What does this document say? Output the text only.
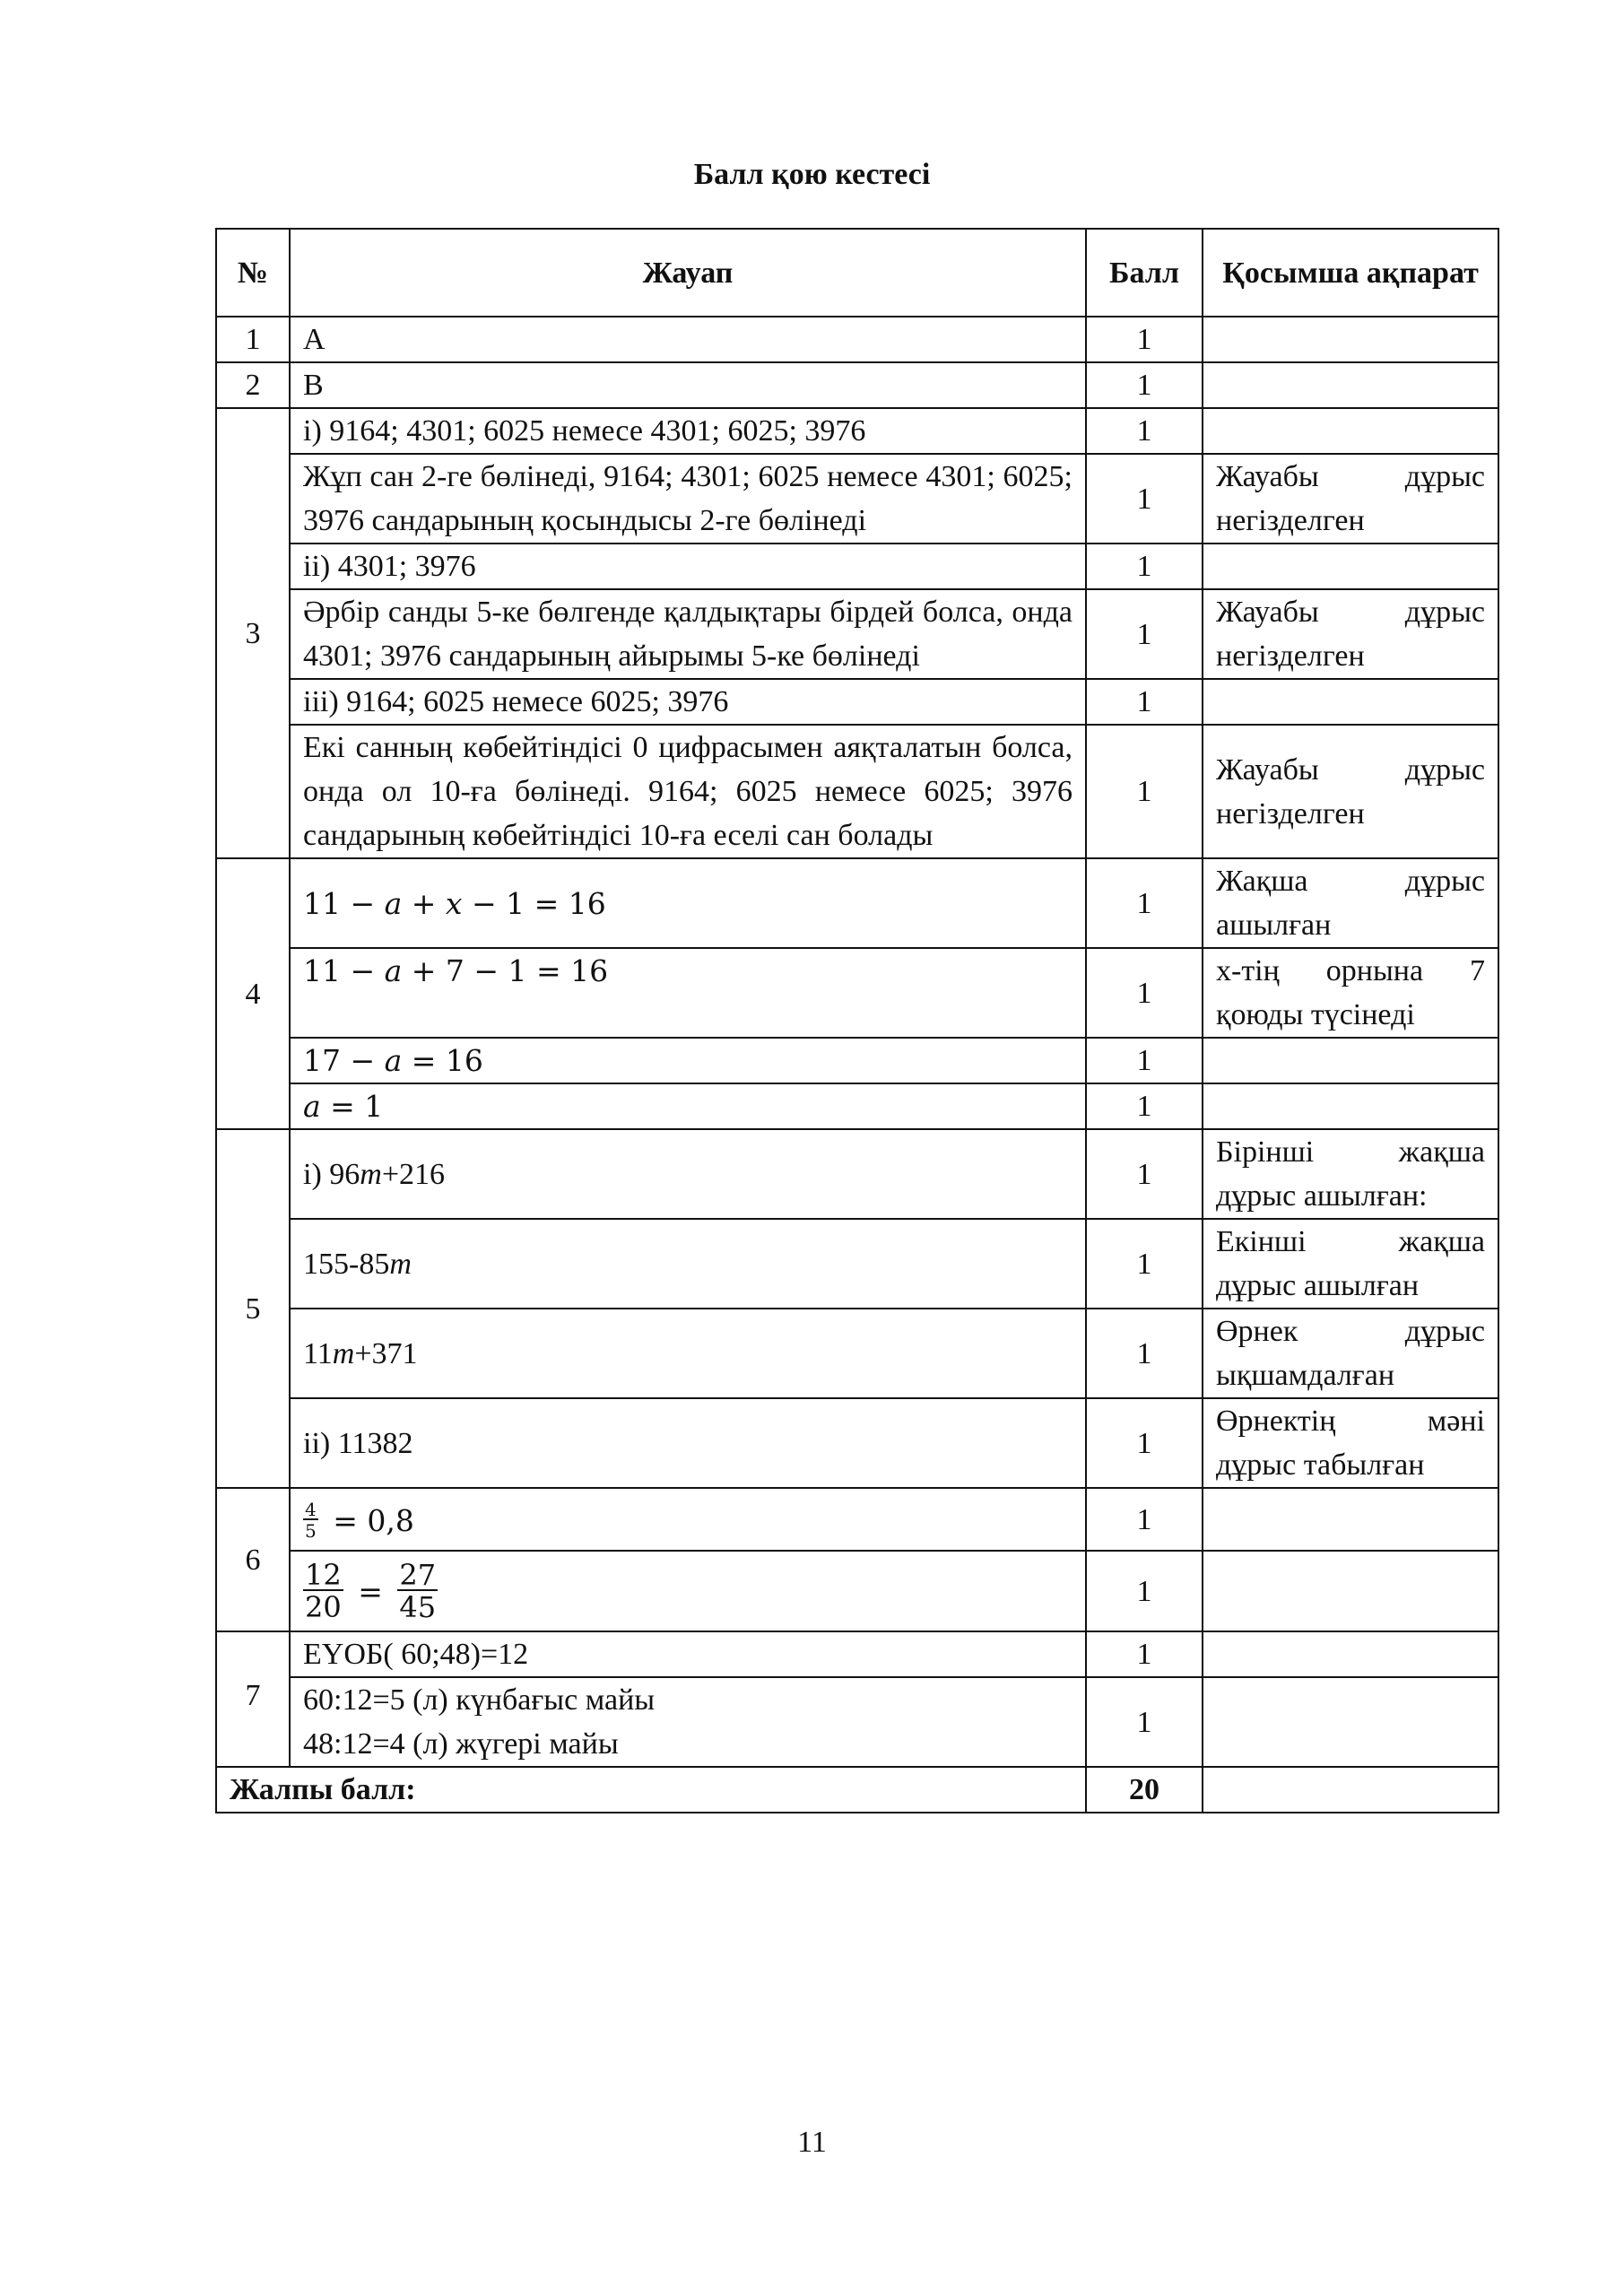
Балл қою кестесі
№	Жауап	Балл	Қосымша ақпарат
1	A	1	
2	B	1	
3	i) 9164; 4301; 6025 немесе 4301; 6025; 3976	1	
	Жұп сан 2-ге бөлінеді, 9164; 4301; 6025 немесе 4301; 6025; 3976 сандарының қосындысы 2-ге бөлінеді	1	Жауабы дұрыс негізделген
	ii) 4301; 3976	1	
	Әрбір санды 5-ке бөлгенде қалдықтары бірдей болса, онда 4301; 3976 сандарының айырымы 5-ке бөлінеді	1	Жауабы дұрыс негізделген
	iii) 9164; 6025 немесе 6025; 3976	1	
	Екі санның көбейтіндісі 0 цифрасымен аяқталатын болса, онда ол 10-ға бөлінеді. 9164; 6025 немесе 6025; 3976 сандарының көбейтіндісі 10-ға еселі сан болады	1	Жауабы дұрыс негізделген
4	11 − 𝑎 + 𝑥 − 1 = 16	1	Жақша дұрыс ашылған
	11 − 𝑎 + 7 − 1 = 16	1	x-тің орнына 7 қоюды түсінеді
	17 − 𝑎 = 16	1	
	𝑎 = 1	1	
5	i) 96m+216	1	Бірінші жақша дұрыс ашылған:
	155-85m	1	Екінші жақша дұрыс ашылған
	11m+371	1	Өрнек дұрыс ықшамдалған
	ii) 11382	1	Өрнектің мәні дұрыс табылған
6	$\frac{4}{5} = 0,8$	1	

	$\frac{12}{20} = \frac{27}{45}$	1	
7	ЕҮОБ( 60;48)=12	1	

	60:12=5 (л) күнбағыс майы
48:12=4 (л) жүгері майы	1	
Жалпы балл:		20	
11
